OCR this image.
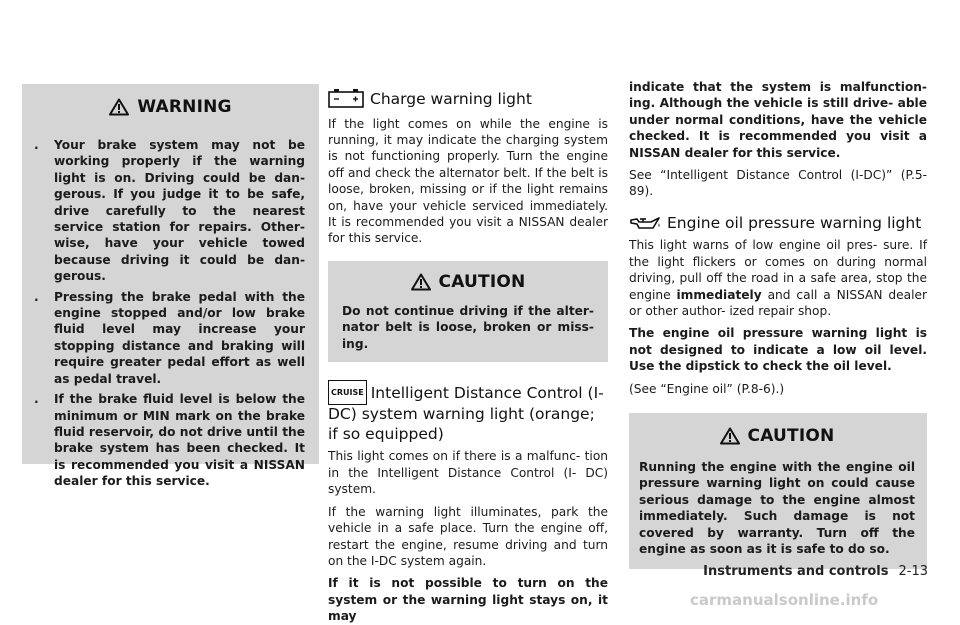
WARNING
. Your brake system may not be working properly if the warning light is on. Driving could be dan- gerous. If you judge it to be safe, drive carefully to the nearest service station for repairs. Other- wise, have your vehicle towed because driving it could be dan- gerous.
. Pressing the brake pedal with the engine stopped and/or low brake fluid level may increase your stopping distance and braking will require greater pedal effort as well as pedal travel.
. If the brake fluid level is below the minimum or MIN mark on the brake fluid reservoir, do not drive until the brake system has been checked. It is recommended you visit a NISSAN dealer for this service.
Charge warning light

If the light comes on while the engine is running, it may indicate the charging system is not functioning properly. Turn the engine off and check the alternator belt. If the belt is loose, broken, missing or if the light remains on, have your vehicle serviced immediately. It is recommended you visit a NISSAN dealer for this service.

CAUTION
Do not continue driving if the alter- nator belt is loose, broken or miss- ing.
CRUISE Intelligent Distance Control (I-DC) system warning light (orange; if so equipped)

This light comes on if there is a malfunc- tion in the Intelligent Distance Control (I- DC) system.

If the warning light illuminates, park the vehicle in a safe place. Turn the engine off, restart the engine, resume driving and turn on the I-DC system again.

If it is not possible to turn on the system or the warning light stays on, it may

indicate that the system is malfunction- ing. Although the vehicle is still drive- able under normal conditions, have the vehicle checked. It is recommended you visit a NISSAN dealer for this service.

See “Intelligent Distance Control (I-DC)” (P.5-89).

Engine oil pressure warning light

This light warns of low engine oil pres- sure. If the light flickers or comes on during normal driving, pull off the road in a safe area, stop the engine immediately and call a NISSAN dealer or other author- ized repair shop.

The engine oil pressure warning light is not designed to indicate a low oil level. Use the dipstick to check the oil level.

(See “Engine oil” (P.8-6).)

CAUTION
Running the engine with the engine oil pressure warning light on could cause serious damage to the engine almost immediately. Such damage is not covered by warranty. Turn off the engine as soon as it is safe to do so.
Instruments and controls 2-13
carmanualsonline.info
